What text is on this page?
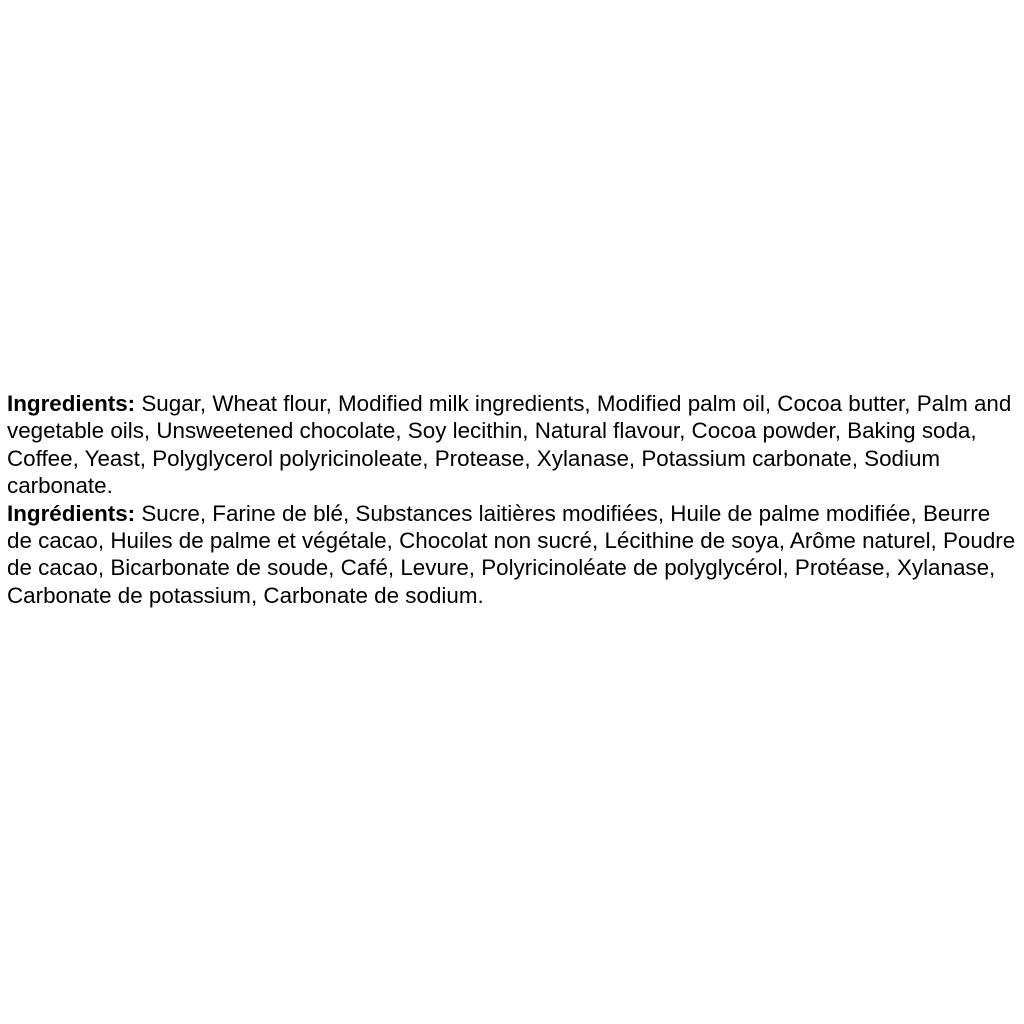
Ingredients: Sugar, Wheat flour, Modified milk ingredients, Modified palm oil, Cocoa butter, Palm and vegetable oils, Unsweetened chocolate, Soy lecithin, Natural flavour, Cocoa powder, Baking soda, Coffee, Yeast, Polyglycerol polyricinoleate, Protease, Xylanase, Potassium carbonate, Sodium carbonate.

Ingrédients: Sucre, Farine de blé, Substances laitières modifiées, Huile de palme modifiée, Beurre de cacao, Huiles de palme et végétale, Chocolat non sucré, Lécithine de soya, Arôme naturel, Poudre de cacao, Bicarbonate de soude, Café, Levure, Polyricinoléate de polyglycérol, Protéase, Xylanase, Carbonate de potassium, Carbonate de sodium.
